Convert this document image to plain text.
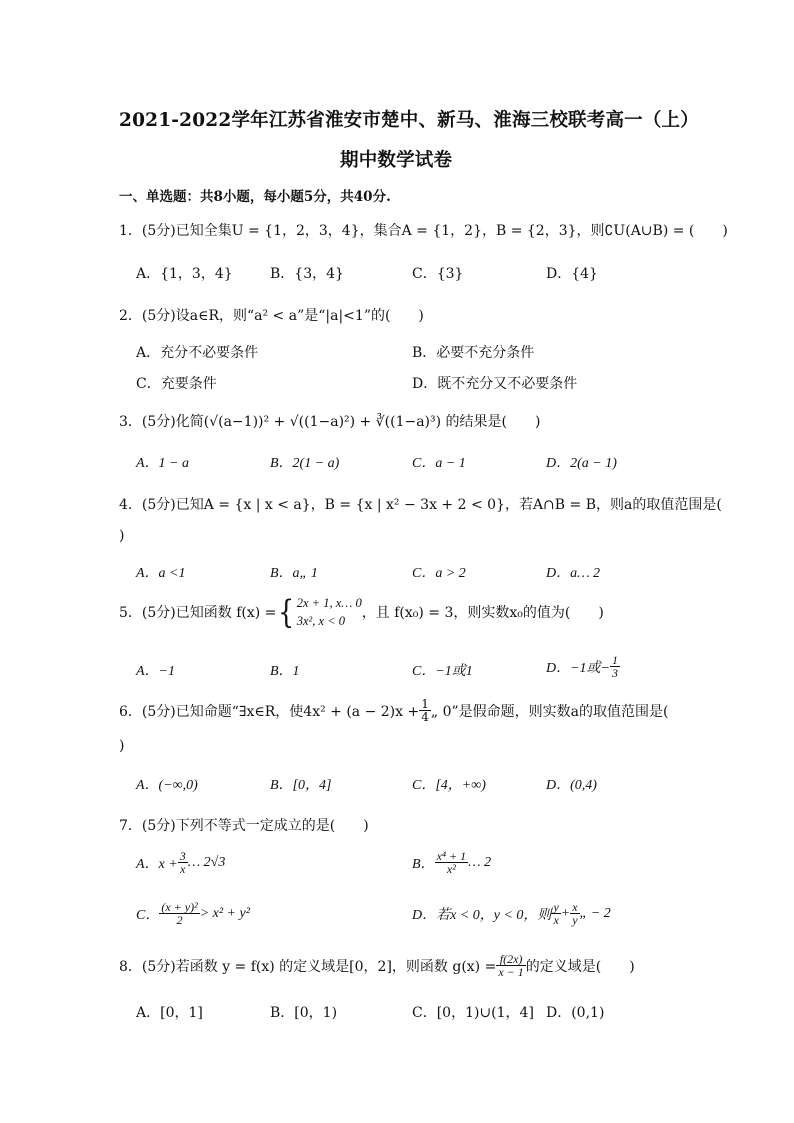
2021-2022学年江苏省淮安市楚中、新马、淮海三校联考高一（上）
期中数学试卷
一、单选题：共8小题，每小题5分，共40分.
1．(5分)已知全集U = {1，2，3，4}，集合A = {1，2}，B = {2，3}，则∁U(A∪B) = (　　)
A．{1，3，4}	B．{3，4}	C．{3}	D．{4}
2．(5分)设a∈R，则“a² < a”是“|a|<1”的(　　)
A．充分不必要条件	B．必要不充分条件
C．充要条件	D．既不充分又不必要条件
3．(5分)化简(√(a−1))² + √((1−a)²) + ∛((1−a)³) 的结果是(　　)
A．1 − a	B．2(1 − a)	C．a − 1	D．2(a − 1)
4．(5分)已知A = {x | x < a}，B = {x | x² − 3x + 2 < 0}，若A∩B = B，则a的取值范围是(
)
A．a <1	B．a„ 1	C．a > 2	D．a… 2
5．(5分)已知函数 f(x) = { 2x + 1, x… 0
3x², x < 0	，且 f(x₀) = 3，则实数x₀的值为(　　)
A．−1	B．1	C．−1或1	D．−1或− $\frac{1}{3}$
6．(5分)已知命题“∃x∈R，使$4x^2 + (a - 2)x + \frac{1}{4}$ „ 0”是假命题，则实数a的取值范围是(
)
A．(−∞,0)	B．[0，4]	C．[4，+∞)	D．(0,4)
7．(5分)下列不等式一定成立的是(　　)
A．$x + \frac{3}{x}$ … 2√3	B． $\frac{\text{x⁴ + 1}}{\text{x²}}$ … 2
C． $\frac{\text{(x + y)²}}{2} > x^2 + y^2$	D．若x < 0，y < 0，则 $\frac{y}{x} + \frac{x}{y}$ „ − 2
8．(5分)若函数 y = f(x) 的定义域是[0，2]，则函数 $g(x) = \frac{f(2x)}{x - 1}$ 的定义域是(　　)
A．[0，1]	B．[0，1)	C．[0，1)∪(1，4] D．(0,1)
